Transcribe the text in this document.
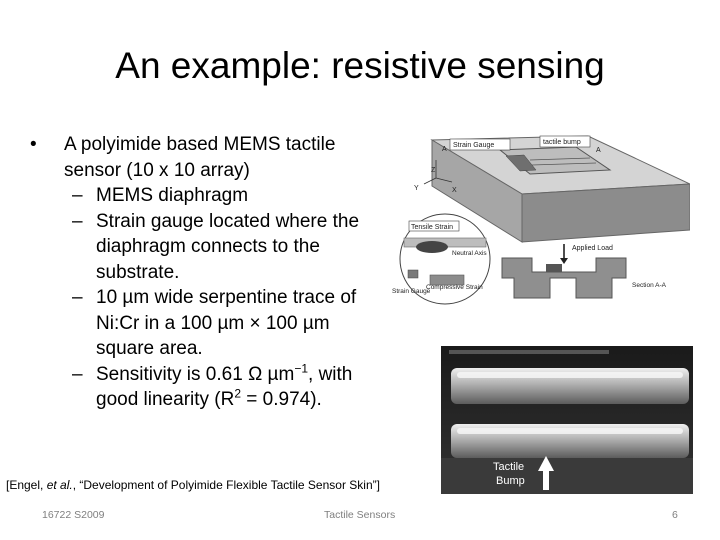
An example: resistive sensing
• A polyimide based MEMS tactile sensor (10 x 10 array)
– MEMS diaphragm
– Strain gauge located where the diaphragm connects to the substrate.
– 10 µm wide serpentine trace of Ni:Cr in a 100 µm × 100 µm square area.
– Sensitivity is 0.61 Ω µm$^{-1}$, with good linearity $(R^2 = 0.974)$.
Strain Gauge	tactile bump
A	A
Z
Y	X
Tensile Strain
Neutral Axis
Compressive Strain
Strain Gauge
Applied Load
Section A-A
Tactile
Bump
[Engel, et al., “Development of Polyimide Flexible Tactile Sensor Skin”]
16722 S2009	Tactile Sensors	6
